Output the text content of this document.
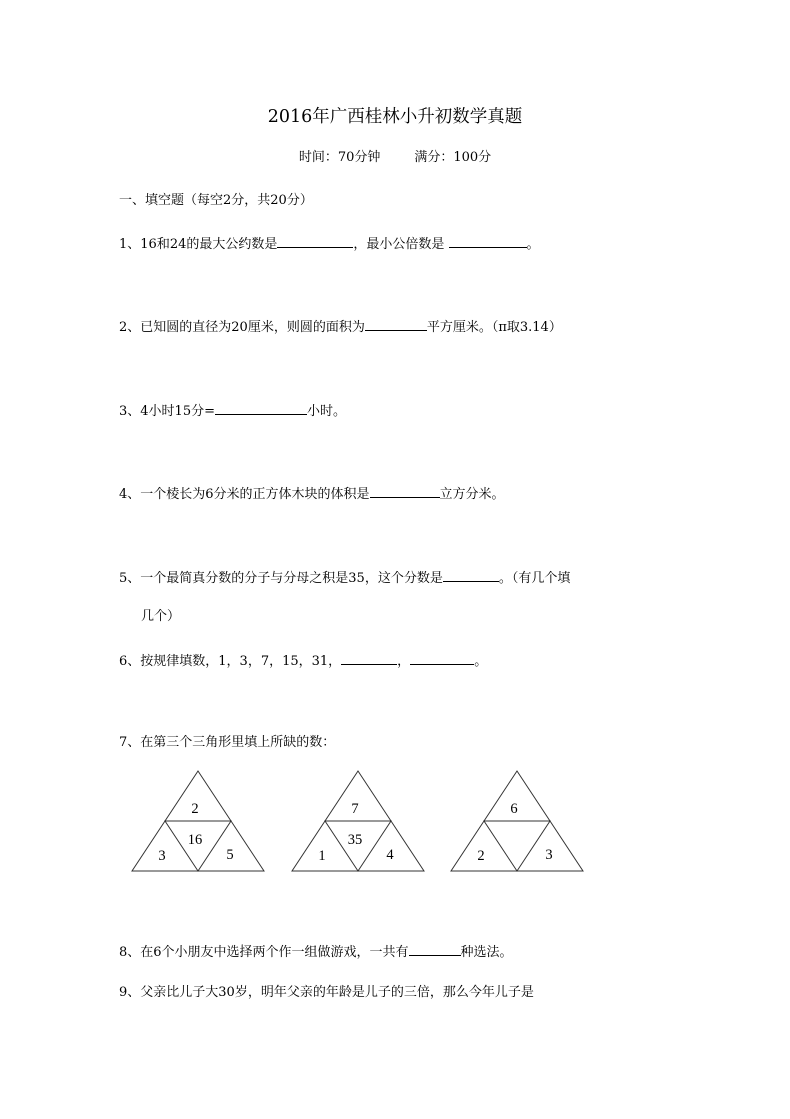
2016年广西桂林小升初数学真题
时间：70分钟	满分：100分
一、填空题（每空2分，共20分）
1、16和24的最大公约数是	，最小公倍数是	。
2、已知圆的直径为20厘米，则圆的面积为	平方厘米。（π取3.14）
3、4小时15分=	小时。
4、一个棱长为6分米的正方体木块的体积是	立方分米。
5、一个最简真分数的分子与分母之积是35，这个分数是	。（有几个填
几个）
6、按规律填数，1，3，7，15，31，	，	。
7、在第三个三角形里填上所缺的数：
2
16
3	5
7
35
1	4
6
2	3
8、在6个小朋友中选择两个作一组做游戏，一共有	种选法。
9、父亲比儿子大30岁，明年父亲的年龄是儿子的三倍，那么今年儿子是
